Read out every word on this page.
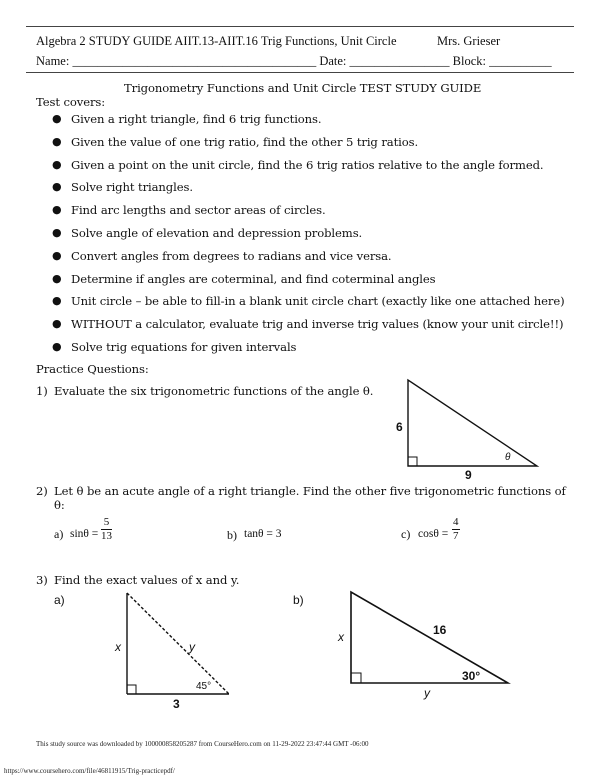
Algebra 2 STUDY GUIDE AIIT.13-AIIT.16 Trig Functions, Unit Circle	Mrs. Grieser
Name: _______________________________________ Date: ________________ Block: __________
Trigonometry Functions and Unit Circle TEST STUDY GUIDE
Test covers:
● Given a right triangle, find 6 trig functions.
● Given the value of one trig ratio, find the other 5 trig ratios.
● Given a point on the unit circle, find the 6 trig ratios relative to the angle formed.
● Solve right triangles.
● Find arc lengths and sector areas of circles.
● Solve angle of elevation and depression problems.
● Convert angles from degrees to radians and vice versa.
● Determine if angles are coterminal, and find coterminal angles
● Unit circle – be able to fill-in a blank unit circle chart (exactly like one attached here)
● WITHOUT a calculator, evaluate trig and inverse trig values (know your unit circle!!)
● Solve trig equations for given intervals
Practice Questions:
1) Evaluate the six trigonometric functions of the angle θ.
6
9
θ
2) Let θ be an acute angle of a right triangle. Find the other five trigonometric functions of
θ:
a) $\sin\theta = \frac{5}{13}$	b) tanθ = 3	c) $\cos\theta = \frac{4}{7}$
3) Find the exact values of x and y.
a)
x	y
45°
3
b)
x	16
30°
y
This study source was downloaded by 100000858205287 from CourseHero.com on 11-29-2022 23:47:44 GMT -06:00
https://www.coursehero.com/file/46811915/Trig-practicepdf/
